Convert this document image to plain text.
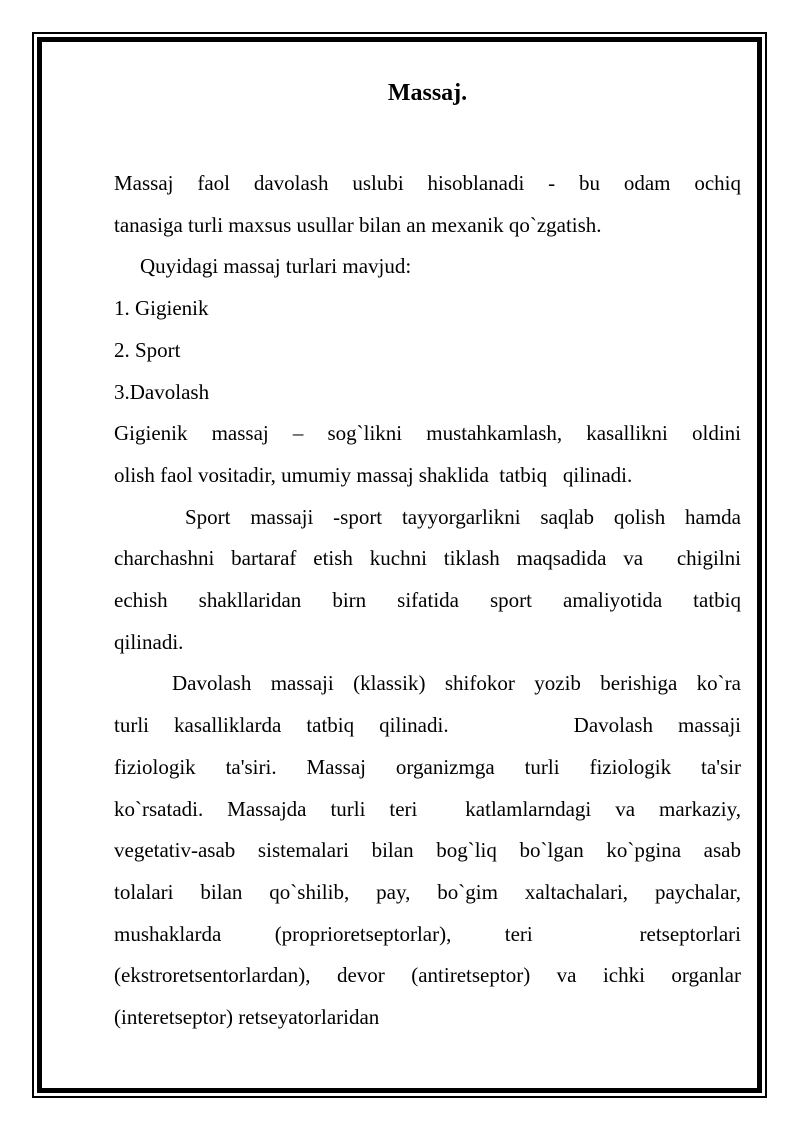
Massaj.
Massaj faol davolash uslubi hisoblanadi - bu odam ochiq
tanasiga turli maxsus usullar bilan an mexanik qo`zgatish.
Quyidagi massaj turlari mavjud:
1. Gigienik
2. Sport
3.Davolash
Gigienik massaj – sog`likni mustahkamlash, kasallikni oldini
olish faol vositadir, umumiy massaj shaklida  tatbiq   qilinadi.
Sport massaji -sport tayyorgarlikni saqlab qolish hamda
charchashni bartaraf etish kuchni tiklash maqsadida va  chigilni
echish shakllaridan birn sifatida sport amaliyotida tatbiq
qilinadi.
Davolash massaji (klassik) shifokor yozib berishiga ko`ra
turli kasalliklarda tatbiq qilinadi.     Davolash massaji
fiziologik ta'siri. Massaj organizmga turli fiziologik ta'sir
ko`rsatadi. Massajda turli teri  katlamlarndagi va markaziy,
vegetativ-asab sistemalari bilan bog`liq bo`lgan ko`pgina asab
tolalari bilan qo`shilib, pay, bo`gim xaltachalari, paychalar,
mushaklarda (proprioretseptorlar), teri  retseptorlari
(ekstroretsentorlardan), devor (antiretseptor) va ichki organlar
(interetseptor) retseyatorlaridan
